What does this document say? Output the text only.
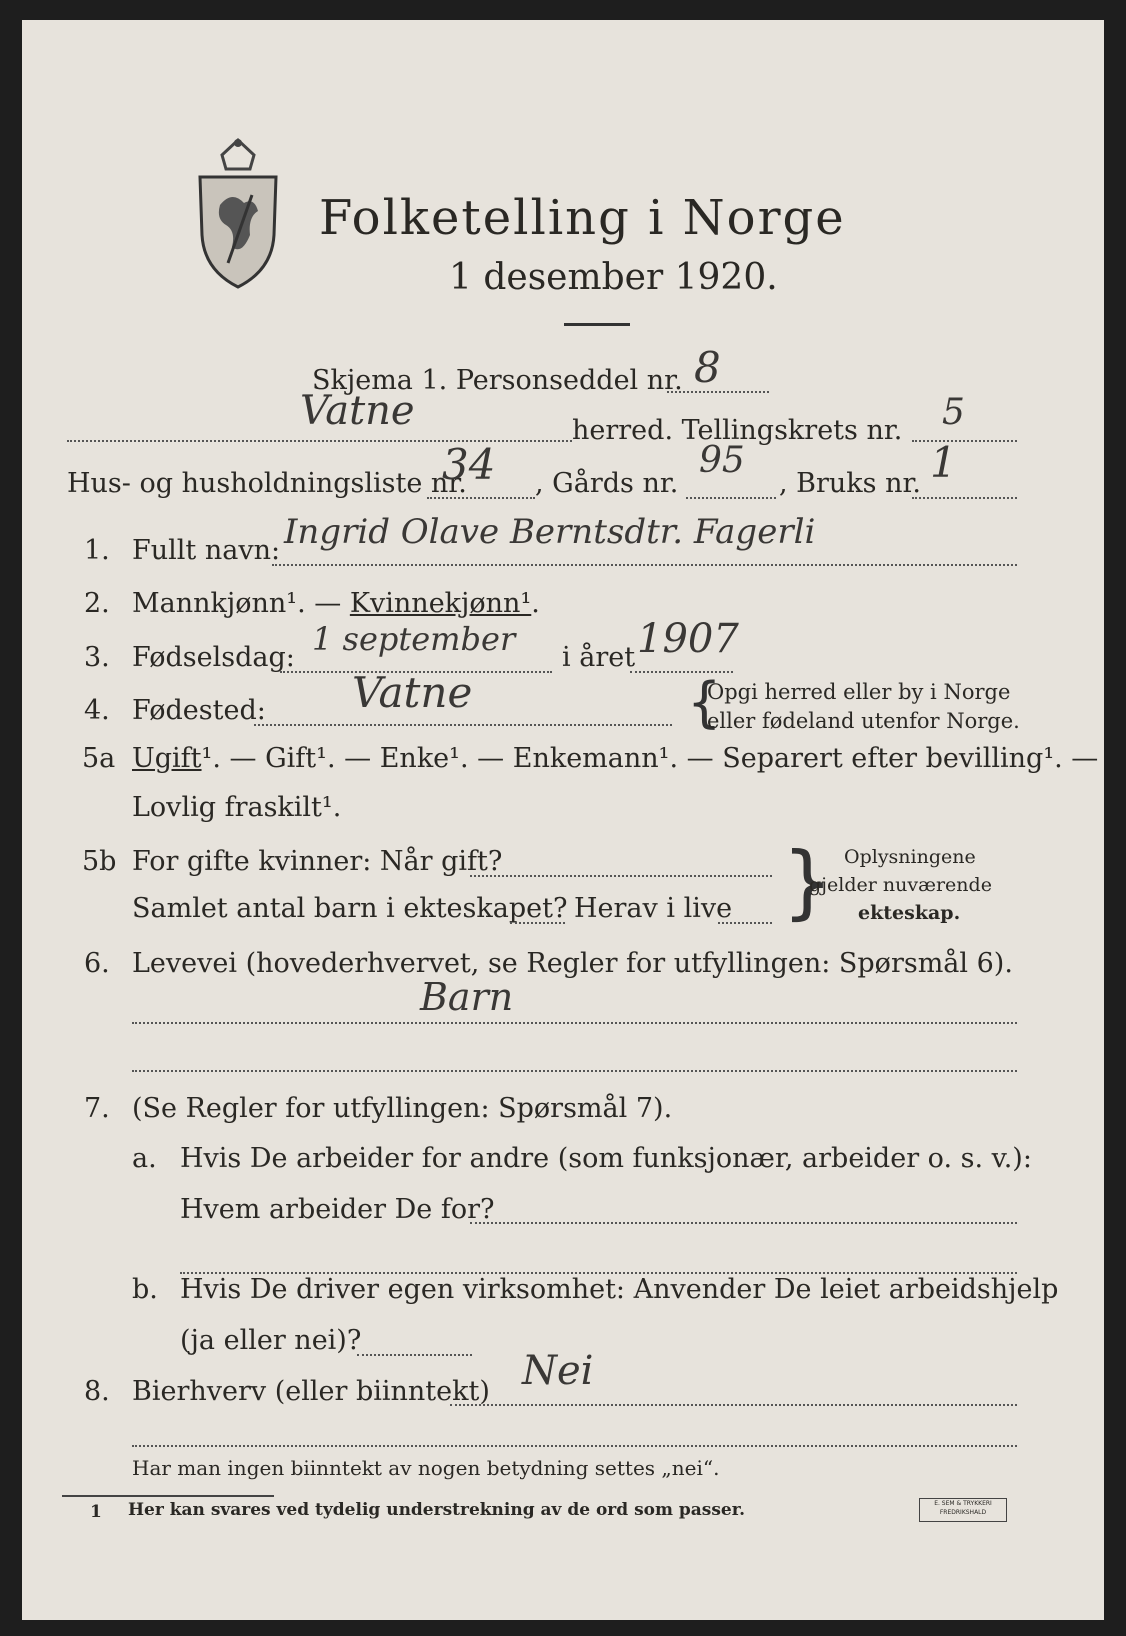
Folketelling i Norge
1 desember 1920.
Skjema 1. Personseddel nr. 8
Vatne	herred. Tellingskrets nr. 5
Hus- og husholdningsliste nr.
34 , Gårds nr.
95
, Bruks nr. 1
1. Fullt navn: Ingrid Olave Berntsdtr. Fagerli
2. Mannkjønn¹. — Kvinnekjønn¹.
3. Fødselsdag: 1 september i året 1907
4. Fødested: Vatne	{
Opgi herred eller by i Norge
eller fødeland utenfor Norge.
5a Ugift¹. — Gift¹. — Enke¹. — Enkemann¹. — Separert efter bevilling¹. —
Lovlig fraskilt¹.
5b For gifte kvinner: Når gift?
Samlet antal barn i ekteskapet? Herav i live } Oplysningene
gjelder nuværende
ekteskap.
6. Levevei (hovederhvervet, se Regler for utfyllingen: Spørsmål 6).
Barn
7. (Se Regler for utfyllingen: Spørsmål 7).
a. Hvis De arbeider for andre (som funksjonær, arbeider o. s. v.):
Hvem arbeider De for?
b. Hvis De driver egen virksomhet: Anvender De leiet arbeidshjelp
(ja eller nei)?
8. Bierhverv (eller biinntekt) Nei
Har man ingen biinntekt av nogen betydning settes „nei“.
1 Her kan svares ved tydelig understrekning av de ord som passer.	E. SEM & TRYKKERI FREDRIKSHALD
